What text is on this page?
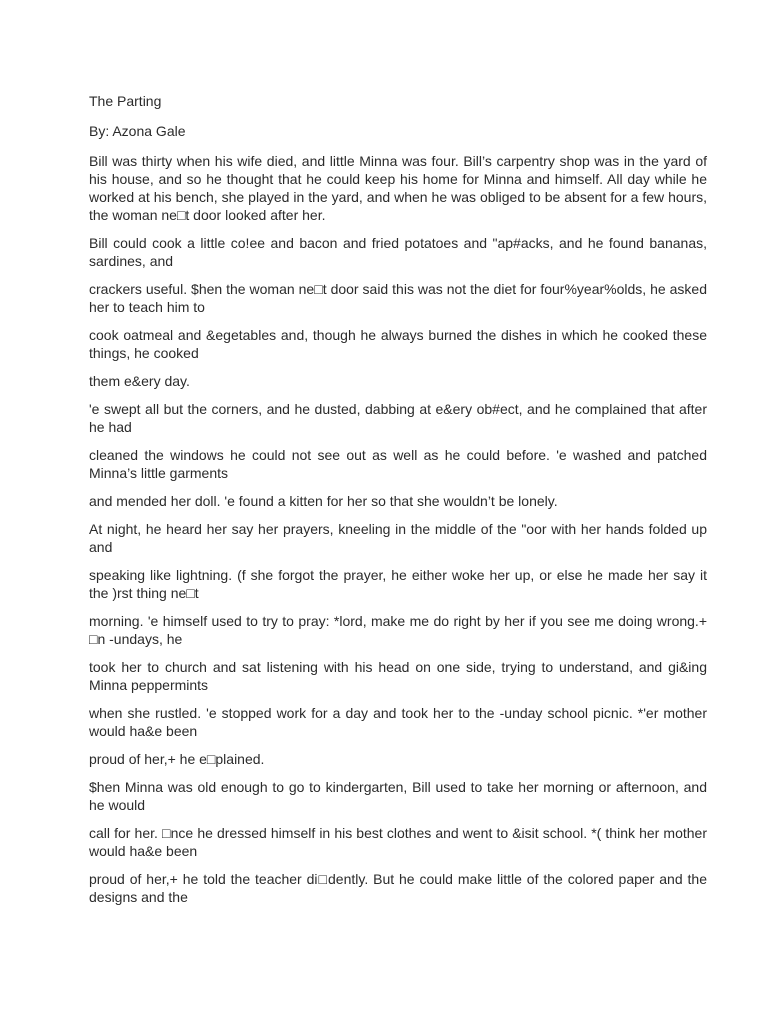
The Parting

By: Azona Gale

Bill was thirty when his wife died, and little Minna was four. Bill’s carpentry shop was in the yard of his house, and so he thought that he could keep his home for Minna and himself. All day while he worked at his bench, she played in the yard, and when he was obliged to be absent for a few hours, the woman ne□t door looked after her.

Bill could cook a little co!ee and bacon and fried potatoes and "ap#acks, and he found bananas, sardines, and

crackers useful. $hen the woman ne□t door said this was not the diet for four%year%olds, he asked her to teach him to

cook oatmeal and &egetables and, though he always burned the dishes in which he cooked these things, he cooked

them e&ery day.

'e swept all but the corners, and he dusted, dabbing at e&ery ob#ect, and he complained that after he had

cleaned the windows he could not see out as well as he could before. 'e washed and patched Minna’s little garments

and mended her doll. 'e found a kitten for her so that she wouldn’t be lonely.

At night, he heard her say her prayers, kneeling in the middle of the "oor with her hands folded up and

speaking like lightning. (f she forgot the prayer, he either woke her up, or else he made her say it the )rst thing ne□t

morning. 'e himself used to try to pray: *lord, make me do right by her if you see me doing wrong.+ □n -undays, he

took her to church and sat listening with his head on one side, trying to understand, and gi&ing Minna peppermints

when she rustled. 'e stopped work for a day and took her to the -unday school picnic. *'er mother would ha&e been

proud of her,+ he e□plained.

$hen Minna was old enough to go to kindergarten, Bill used to take her morning or afternoon, and he would

call for her. □nce he dressed himself in his best clothes and went to &isit school. *( think her mother would ha&e been

proud of her,+ he told the teacher di□dently. But he could make little of the colored paper and the designs and the
